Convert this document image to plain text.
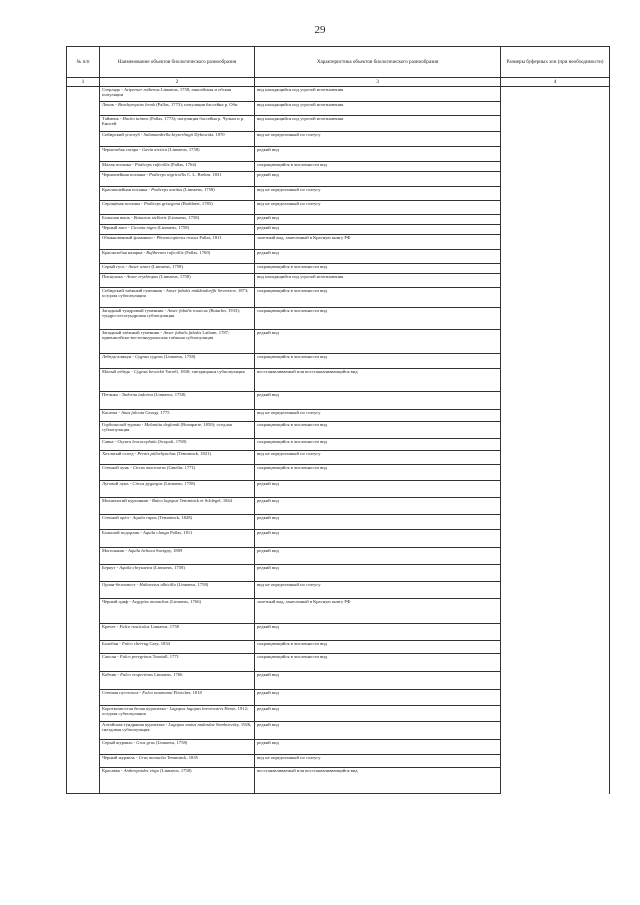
29
№ п/п	Наименование объектов биологического разнообразия	Характеристика объектов биологического разнообразия	Размеры буферных зон (при необходимости)
1	2	3	4
	Стерлядь - Acipenser ruthenus Linnaeus, 1758; енисейская и обская популяции	вид находящийся под угрозой исчезновения	
	Ленок - Brachymystax lenok (Pallas, 1773); популяция бассейна р. Оби	вид находящийся под угрозой исчезновения	
	Таймень - Hucho taimen (Pallas, 1773); популяция бассейна р. Чулым и р. Енисей	вид находящийся под угрозой исчезновения	
	Сибирский углозуб - Salamandrella keyserlingii Dybowski, 1870	вид не определенный по статусу	
	Чернозобая гагара - Gavia arctica (Linnaeus, 1758)	редкий вид	
	Малая поганка - Podiceps ruficollis (Pallas, 1764)	сокращающийся в численности вид	
	Черношейная поганка - Podiceps nigricollis C. L. Brehm, 1831	редкий вид	
	Красношейная поганка - Podiceps auritus (Linnaeus, 1758)	вид не определенный по статусу	
	Серощёкая поганка - Podiceps grisegena (Boddaert, 1783)	вид не определенный по статусу	
	Большая выпь - Botaurus stellaris (Linnaeus, 1758)	редкий вид	
	Чёрный аист - Ciconia nigra (Linnaeus, 1758)	редкий вид	
	Обыкновенный фламинго - Phoenicopterus roseus Pallas, 1811	залетный вид, занесенный в Красную книгу РФ	
	Краснозобая казарка - Rufibrenta ruficollis (Pallas, 1769)	редкий вид	
	Серый гусь - Anser anser (Linnaeus, 1758)	сокращающийся в численности вид	
	Пискулька - Anser erythropus (Linnaeus, 1758)	вид находящийся под угрозой исчезновения	
	Сибирский таёжный гуменник - Anser fabalis middendorffii Severtzov, 1873; оседлая субпопуляция	сокращающийся в численности вид	
	Западный тундровый гуменник - Anser fabalis rossicus (Buturlin, 1933); тундро-лесотундровая субпопуляция	сокращающийся в численности вид	
	Западный таёжный гуменник - Anser fabalis fabalis Latham, 1787; приенисейско-восточноуральская таёжная субпопуляция	редкий вид	
	Лебедь-кликун - Cygnus cygnus (Linnaeus, 1758)	сокращающийся в численности вид	
	Малый лебедь - Cygnus bewickii Yarrell, 1830; гнездящаяся субпопуляция	восстанавливаемый или восстанавливающийся вид	
	Пеганка - Tadorna tadorna (Linnaeus, 1758)	редкий вид	
	Касатка - Anas falcata Georgi, 1775	вид не определенный по статусу	
	Горбоносый турпан - Melanitta deglandi (Bonaparte, 1850); оседлая субпопуляция	сокращающийся в численности вид	
	Савка - Oxyura leucocephala (Scopoli, 1769)	сокращающийся в численности вид	
	Хохлатый осоед - Pernis ptilorhynchus (Temminck, 1821)	вид не определенный по статусу	
	Степной лунь - Circus macrourus (Gmelin, 1771)	сокращающийся в численности вид	
	Луговой лунь - Circus pygargus (Linnaeus, 1758)	редкий вид	
	Мохноногий курганник - Buteo lagopus Temminck et Schlegel, 1844	редкий вид	
	Степной орёл - Aquila rapax (Temminck, 1828)	редкий вид	
	Большой подорлик - Aquila clanga Pallas, 1811	редкий вид	
	Могильник - Aquila heliaca Savigny, 1809	редкий вид	
	Беркут - Aquila chrysaetos (Linnaeus, 1758)	редкий вид	
	Орлан-белохвост - Haliaeetus albicilla (Linnaeus, 1758)	вид не определенный по статусу	
	Чёрный гриф - Aegypius monachus (Linnaeus, 1766)	залетный вид, занесенный в Красную книгу РФ	
	Кречет - Falco rusticolus Linnaeus, 1758	редкий вид	
	Балобан - Falco cherrug Gray, 1834	сокращающийся в численности вид	
	Сапсан - Falco peregrinus Tunstall, 1771	сокращающийся в численности вид	
	Кобчик - Falco vespertinus Linnaeus, 1766	редкий вид	
	Степная пустельга - Falco naumanni Fleischer, 1818	редкий вид	
	Короткохвостая белая куропатка - Lagopus lagopus brevirostris Hesse, 1912; оседлая субпопуляция	редкий вид	
	Алтайская тундряная куропатка - Lagopus mutus nadezdae Serebrovsky, 1926; гнездовая субпопуляция	редкий вид	
	Серый журавль - Grus grus (Linnaeus, 1758)	редкий вид	
	Чёрный журавль - Grus monacha Temminck, 1835	вид не определенный по статусу	
	Красавка - Anthropoides virgo (Linnaeus, 1758)	восстанавливаемый или восстанавливающийся вид	
